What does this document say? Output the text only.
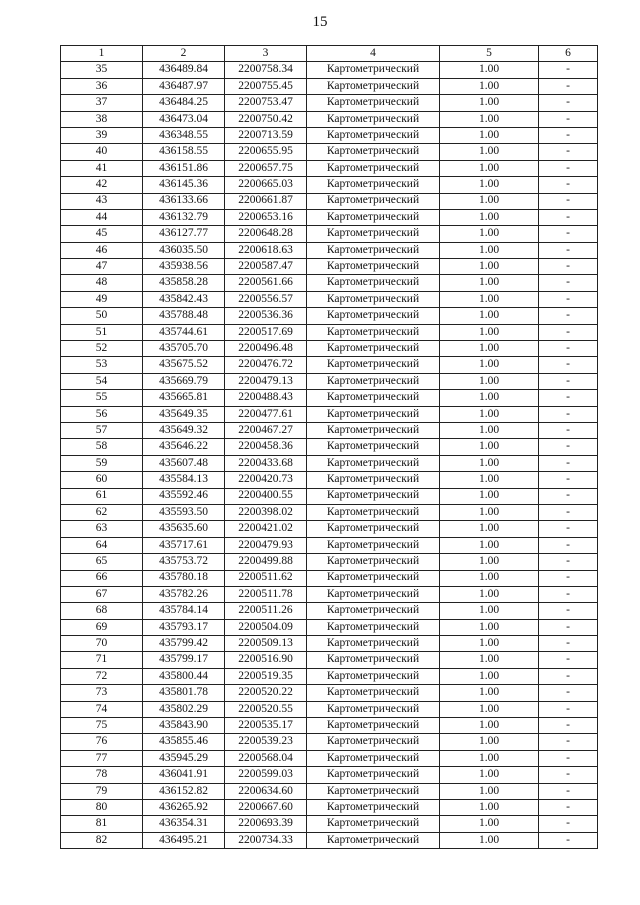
15
1	2	3	4	5	6
35	436489.84	2200758.34	Картометрический	1.00	-
36	436487.97	2200755.45	Картометрический	1.00	-
37	436484.25	2200753.47	Картометрический	1.00	-
38	436473.04	2200750.42	Картометрический	1.00	-
39	436348.55	2200713.59	Картометрический	1.00	-
40	436158.55	2200655.95	Картометрический	1.00	-
41	436151.86	2200657.75	Картометрический	1.00	-
42	436145.36	2200665.03	Картометрический	1.00	-
43	436133.66	2200661.87	Картометрический	1.00	-
44	436132.79	2200653.16	Картометрический	1.00	-
45	436127.77	2200648.28	Картометрический	1.00	-
46	436035.50	2200618.63	Картометрический	1.00	-
47	435938.56	2200587.47	Картометрический	1.00	-
48	435858.28	2200561.66	Картометрический	1.00	-
49	435842.43	2200556.57	Картометрический	1.00	-
50	435788.48	2200536.36	Картометрический	1.00	-
51	435744.61	2200517.69	Картометрический	1.00	-
52	435705.70	2200496.48	Картометрический	1.00	-
53	435675.52	2200476.72	Картометрический	1.00	-
54	435669.79	2200479.13	Картометрический	1.00	-
55	435665.81	2200488.43	Картометрический	1.00	-
56	435649.35	2200477.61	Картометрический	1.00	-
57	435649.32	2200467.27	Картометрический	1.00	-
58	435646.22	2200458.36	Картометрический	1.00	-
59	435607.48	2200433.68	Картометрический	1.00	-
60	435584.13	2200420.73	Картометрический	1.00	-
61	435592.46	2200400.55	Картометрический	1.00	-
62	435593.50	2200398.02	Картометрический	1.00	-
63	435635.60	2200421.02	Картометрический	1.00	-
64	435717.61	2200479.93	Картометрический	1.00	-
65	435753.72	2200499.88	Картометрический	1.00	-
66	435780.18	2200511.62	Картометрический	1.00	-
67	435782.26	2200511.78	Картометрический	1.00	-
68	435784.14	2200511.26	Картометрический	1.00	-
69	435793.17	2200504.09	Картометрический	1.00	-
70	435799.42	2200509.13	Картометрический	1.00	-
71	435799.17	2200516.90	Картометрический	1.00	-
72	435800.44	2200519.35	Картометрический	1.00	-
73	435801.78	2200520.22	Картометрический	1.00	-
74	435802.29	2200520.55	Картометрический	1.00	-
75	435843.90	2200535.17	Картометрический	1.00	-
76	435855.46	2200539.23	Картометрический	1.00	-
77	435945.29	2200568.04	Картометрический	1.00	-
78	436041.91	2200599.03	Картометрический	1.00	-
79	436152.82	2200634.60	Картометрический	1.00	-
80	436265.92	2200667.60	Картометрический	1.00	-
81	436354.31	2200693.39	Картометрический	1.00	-
82	436495.21	2200734.33	Картометрический	1.00	-
